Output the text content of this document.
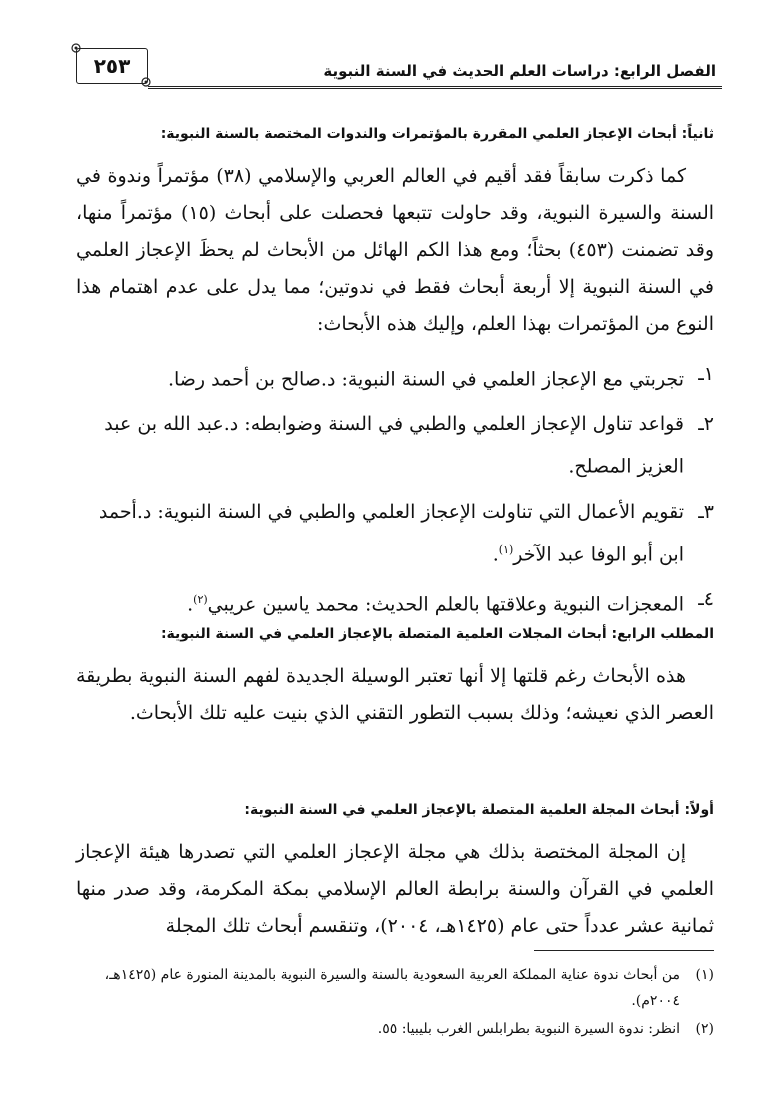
الفصل الرابع: دراسات العلم الحديث في السنة النبوية
٢٥٣
ثانياً: أبحاث الإعجاز العلمي المقررة بالمؤتمرات والندوات المختصة بالسنة النبوية:

كما ذكرت سابقاً فقد أقيم في العالم العربي والإسلامي (٣٨) مؤتمراً وندوة في السنة والسيرة النبوية، وقد حاولت تتبعها فحصلت على أبحاث (١٥) مؤتمراً منها، وقد تضمنت (٤٥٣) بحثاً؛ ومع هذا الكم الهائل من الأبحاث لم يحظَ الإعجاز العلمي في السنة النبوية إلا أربعة أبحاث فقط في ندوتين؛ مما يدل على عدم اهتمام هذا النوع من المؤتمرات بهذا العلم، وإليك هذه الأبحاث:

١ـ
تجربتي مع الإعجاز العلمي في السنة النبوية: د.صالح بن أحمد رضا.
٢ـ
قواعد تناول الإعجاز العلمي والطبي في السنة وضوابطه: د.عبد الله بن عبد العزيز المصلح.
٣ـ
تقويم الأعمال التي تناولت الإعجاز العلمي والطبي في السنة النبوية: د.أحمد ابن أبو الوفا عبد الآخر$^{(١)}$.
٤ـ
المعجزات النبوية وعلاقتها بالعلم الحديث: محمد ياسين عريبي$^{(٢)}$.
المطلب الرابع: أبحاث المجلات العلمية المتصلة بالإعجاز العلمي في السنة النبوية:

هذه الأبحاث رغم قلتها إلا أنها تعتبر الوسيلة الجديدة لفهم السنة النبوية بطريقة العصر الذي نعيشه؛ وذلك بسبب التطور التقني الذي بنيت عليه تلك الأبحاث.

أولاً: أبحاث المجلة العلمية المتصلة بالإعجاز العلمي في السنة النبوية:

إن المجلة المختصة بذلك هي مجلة الإعجاز العلمي التي تصدرها هيئة الإعجاز العلمي في القرآن والسنة برابطة العالم الإسلامي بمكة المكرمة، وقد صدر منها ثمانية عشر عدداً حتى عام (١٤٢٥هـ، ٢٠٠٤)، وتنقسم أبحاث تلك المجلة

(١)
من أبحاث ندوة عناية المملكة العربية السعودية بالسنة والسيرة النبوية بالمدينة المنورة عام (١٤٢٥هـ، ٢٠٠٤م).
(٢)
انظر: ندوة السيرة النبوية بطرابلس الغرب بليبيا: ٥٥.
